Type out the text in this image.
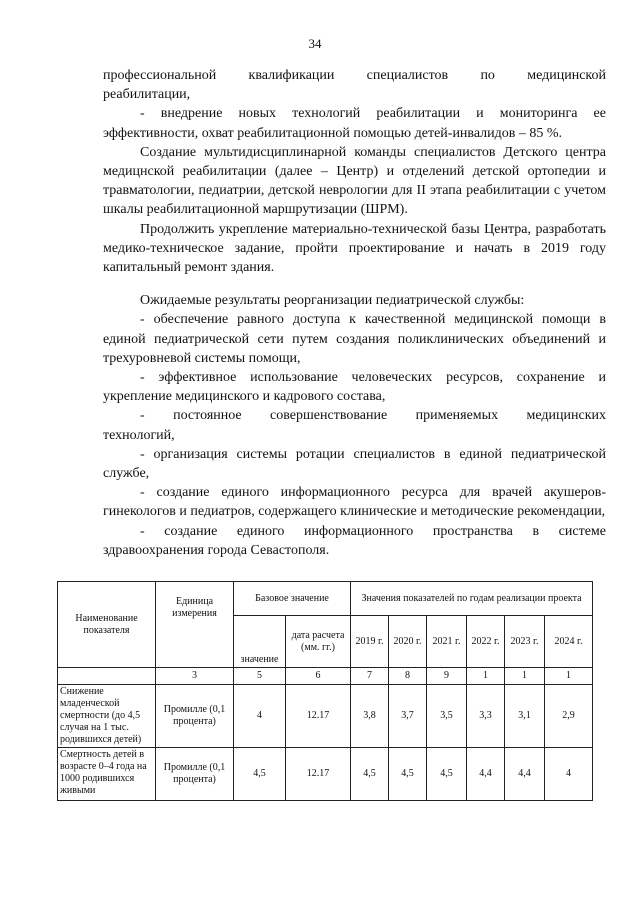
34

профессиональной квалификации специалистов по медицинской

реабилитации,

- внедрение новых технологий реабилитации и мониторинга ее эффективности, охват реабилитационной помощью детей-инвалидов – 85 %.

Создание мультидисциплинарной команды специалистов Детского центра медицнской реабилитации (далее – Центр) и отделений детской ортопедии и травматологии, педиатрии, детской неврологии для II этапа реабилитации с учетом шкалы реабилитационной маршрутизации (ШРМ).

Продолжить укрепление материально-технической базы Центра, разработать медико-техническое задание, пройти проектирование и начать в 2019 году капитальный ремонт здания.

Ожидаемые результаты реорганизации педиатрической службы:

- обеспечение равного доступа к качественной медицинской помощи в единой педиатрической сети путем создания поликлинических объединений и трехуровневой системы помощи,

- эффективное использование человеческих ресурсов, сохранение и укрепление медицинского и кадрового состава,

- постоянное совершенствование применяемых медицинских

технологий,

- организация системы ротации специалистов в единой педиатрической службе,

- создание единого информационного ресурса для врачей акушеров-гинекологов и педиатров, содержащего клинические и методические рекомендации,

- создание единого информационного пространства в системе здравоохранения города Севастополя.

Наименование показателя	Единица измерения	Базовое значение		Значения показателей по годам реализации проекта					
		значение	дата расчета (мм. гг.)	2019 г.	2020 г.	2021 г.	2022 г.	2023 г.	2024 г.
	3	5	6	7	8	9	1	1	1
Снижение младенческой смертности (до 4,5 случая на 1 тыс. родившихся детей)	Промилле (0,1 процента)	4	12.17	3,8	3,7	3,5	3,3	3,1	2,9
Смертность детей в возрасте 0–4 года на 1000 родившихся живыми	Промилле (0,1 процента)	4,5	12.17	4,5	4,5	4,5	4,4	4,4	4
